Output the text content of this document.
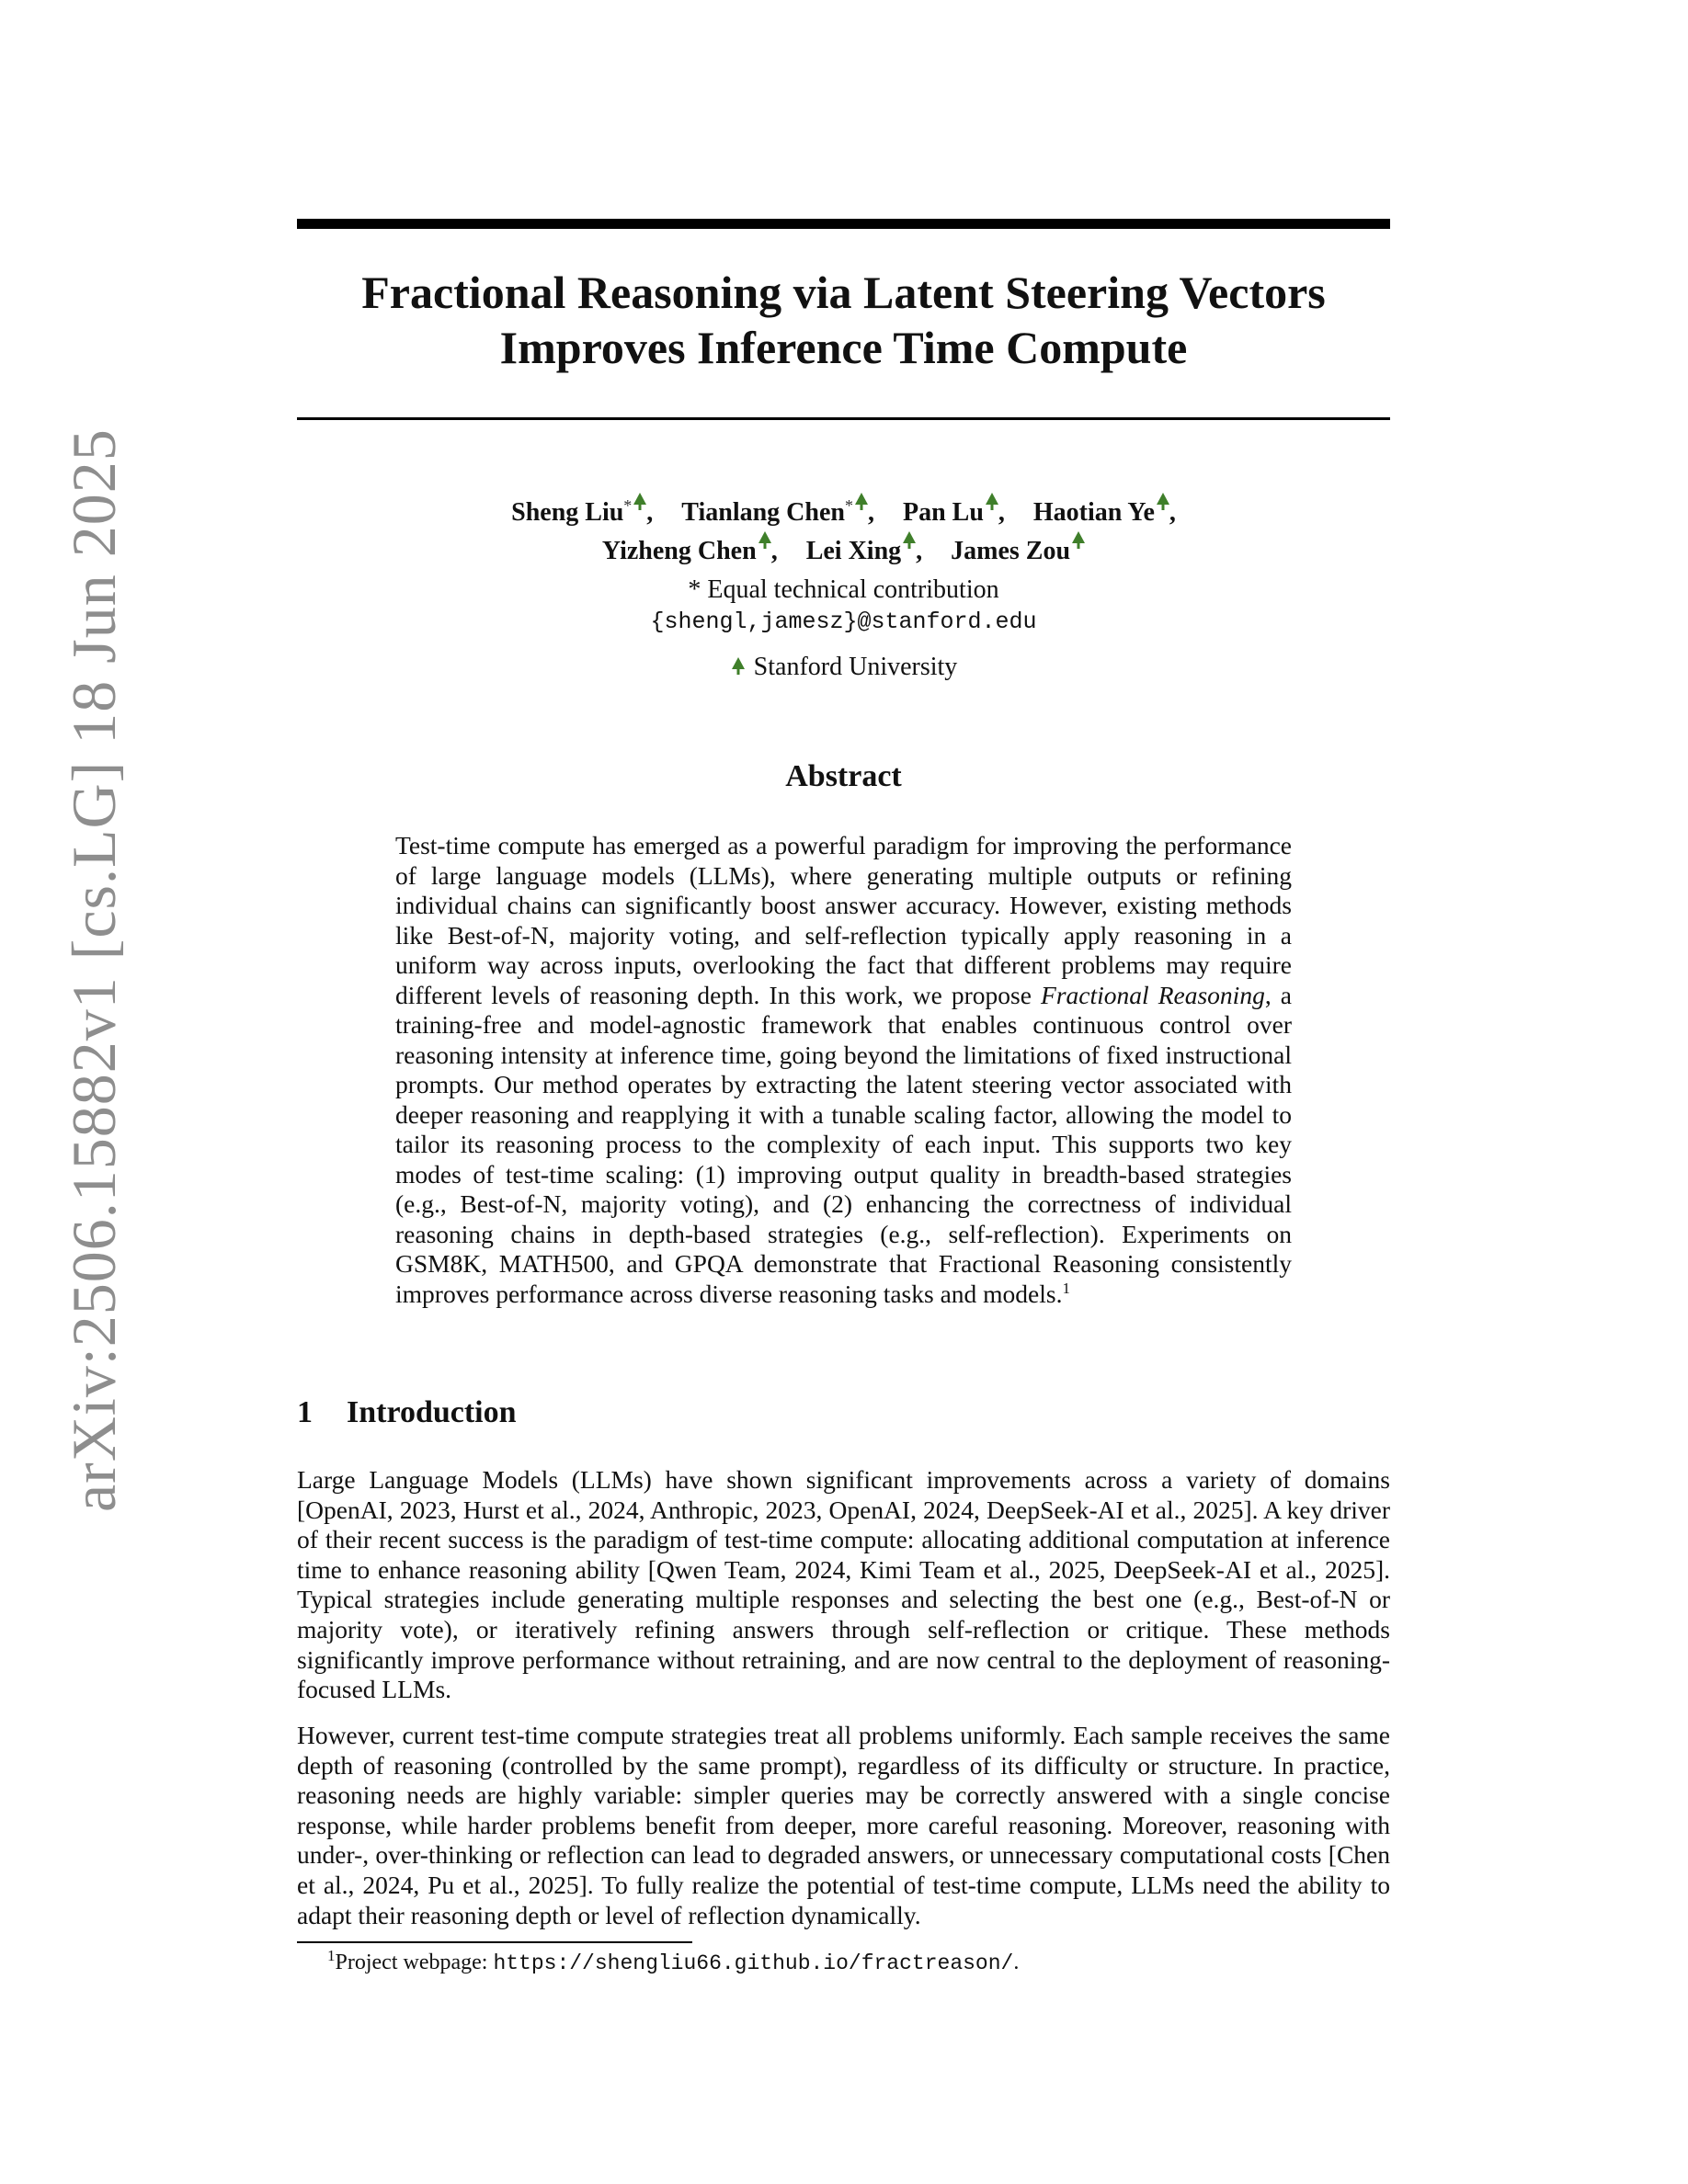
arXiv:2506.15882v1 [cs.LG] 18 Jun 2025
Fractional Reasoning via Latent Steering Vectors
Improves Inference Time Compute
Sheng Liu* , Tianlang Chen* , Pan Lu , Haotian Ye ,
Yizheng Chen , Lei Xing , James Zou
* Equal technical contribution
{shengl,jamesz}@stanford.edu
Stanford University
Abstract
Test-time compute has emerged as a powerful paradigm for improving the performance of large language models (LLMs), where generating multiple outputs or refining individual chains can significantly boost answer accuracy. However, existing methods like Best-of-N, majority voting, and self-reflection typically apply reasoning in a uniform way across inputs, overlooking the fact that different problems may require different levels of reasoning depth. In this work, we propose Fractional Reasoning, a training-free and model-agnostic framework that enables continuous control over reasoning intensity at inference time, going beyond the limitations of fixed instructional prompts. Our method operates by extracting the latent steering vector associated with deeper reasoning and reapplying it with a tunable scaling factor, allowing the model to tailor its reasoning process to the complexity of each input. This supports two key modes of test-time scaling: (1) improving output quality in breadth-based strategies (e.g., Best-of-N, majority voting), and (2) enhancing the correctness of individual reasoning chains in depth-based strategies (e.g., self-reflection). Experiments on GSM8K, MATH500, and GPQA demonstrate that Fractional Reasoning consistently improves performance across diverse reasoning tasks and models.$^1$
1 Introduction
Large Language Models (LLMs) have shown significant improvements across a variety of domains [OpenAI, 2023, Hurst et al., 2024, Anthropic, 2023, OpenAI, 2024, DeepSeek-AI et al., 2025]. A key driver of their recent success is the paradigm of test-time compute: allocating additional computation at inference time to enhance reasoning ability [Qwen Team, 2024, Kimi Team et al., 2025, DeepSeek-AI et al., 2025]. Typical strategies include generating multiple responses and selecting the best one (e.g., Best-of-N or majority vote), or iteratively refining answers through self-reflection or critique. These methods significantly improve performance without retraining, and are now central to the deployment of reasoning-focused LLMs.
However, current test-time compute strategies treat all problems uniformly. Each sample receives the same depth of reasoning (controlled by the same prompt), regardless of its difficulty or structure. In practice, reasoning needs are highly variable: simpler queries may be correctly answered with a single concise response, while harder problems benefit from deeper, more careful reasoning. Moreover, reasoning with under-, over-thinking or reflection can lead to degraded answers, or unnecessary computational costs [Chen et al., 2024, Pu et al., 2025]. To fully realize the potential of test-time compute, LLMs need the ability to adapt their reasoning depth or level of reflection dynamically.
$^1$Project webpage: https://shengliu66.github.io/fractreason/.
